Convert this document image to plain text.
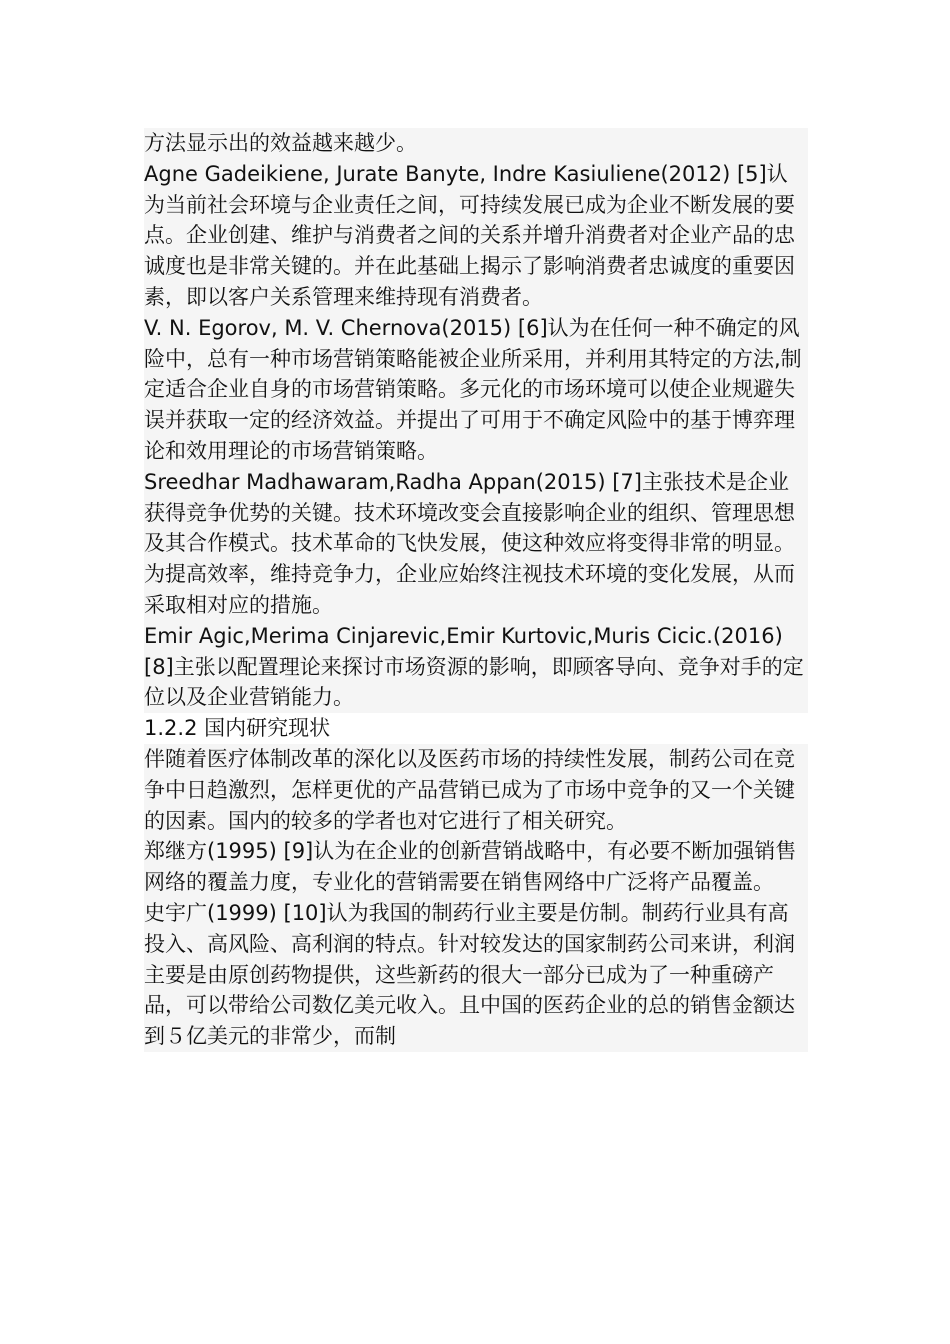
方法显示出的效益越来越少。

Agne Gadeikiene, Jurate Banyte, Indre Kasiuliene(2012) [5]认为当前社会环境与企业责任之间，可持续发展已成为企业不断发展的要点。企业创建、维护与消费者之间的关系并增升消费者对企业产品的忠诚度也是非常关键的。并在此基础上揭示了影响消费者忠诚度的重要因素，即以客户关系管理来维持现有消费者。

V. N. Egorov, M. V. Chernova(2015) [6]认为在任何一种不确定的风险中，总有一种市场营销策略能被企业所采用，并利用其特定的方法,制定适合企业自身的市场营销策略。多元化的市场环境可以使企业规避失误并获取一定的经济效益。并提出了可用于不确定风险中的基于博弈理论和效用理论的市场营销策略。

Sreedhar Madhawaram,Radha Appan(2015) [7]主张技术是企业获得竞争优势的关键。技术环境改变会直接影响企业的组织、管理思想及其合作模式。技术革命的飞快发展，使这种效应将变得非常的明显。为提高效率，维持竞争力，企业应始终注视技术环境的变化发展，从而采取相对应的措施。

Emir Agic,Merima Cinjarevic,Emir Kurtovic,Muris Cicic.(2016) [8]主张以配置理论来探讨市场资源的影响，即顾客导向、竞争对手的定位以及企业营销能力。

1.2.2 国内研究现状

伴随着医疗体制改革的深化以及医药市场的持续性发展，制药公司在竞争中日趋激烈，怎样更优的产品营销已成为了市场中竞争的又一个关键的因素。国内的较多的学者也对它进行了相关研究。

郑继方(1995) [9]认为在企业的创新营销战略中，有必要不断加强销售网络的覆盖力度，专业化的营销需要在销售网络中广泛将产品覆盖。

史宇广(1999) [10]认为我国的制药行业主要是仿制。制药行业具有高投入、高风险、高利润的特点。针对较发达的国家制药公司来讲，利润主要是由原创药物提供，这些新药的很大一部分已成为了一种重磅产品，可以带给公司数亿美元收入。且中国的医药企业的总的销售金额达到５亿美元的非常少，而制
